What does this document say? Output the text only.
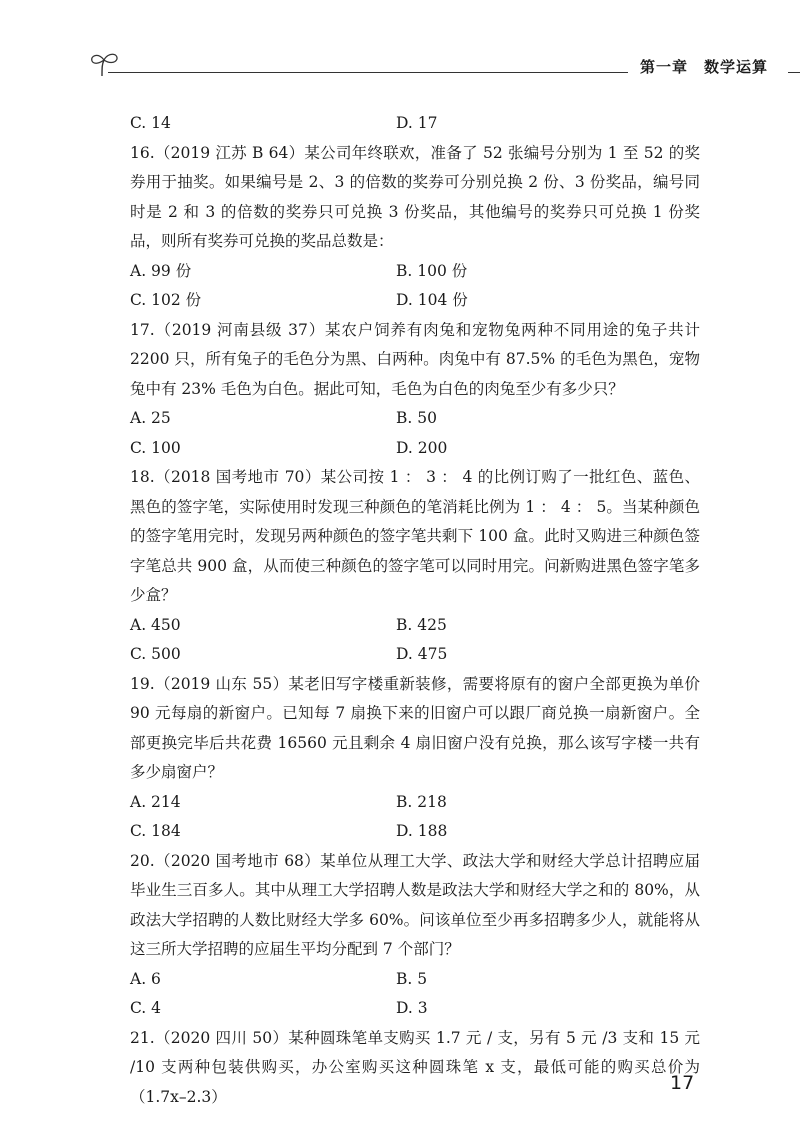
第一章　数学运算
C. 14	D. 17

16.（2019 江苏 B 64）某公司年终联欢，准备了 52 张编号分别为 1 至 52 的奖券用于抽奖。如果编号是 2、3 的倍数的奖券可分别兑换 2 份、3 份奖品，编号同时是 2 和 3 的倍数的奖券只可兑换 3 份奖品，其他编号的奖券只可兑换 1 份奖品，则所有奖券可兑换的奖品总数是：

A. 99 份	B. 100 份
C. 102 份	D. 104 份

17.（2019 河南县级 37）某农户饲养有肉兔和宠物兔两种不同用途的兔子共计 2200 只，所有兔子的毛色分为黑、白两种。肉兔中有 87.5% 的毛色为黑色，宠物兔中有 23% 毛色为白色。据此可知，毛色为白色的肉兔至少有多少只？

A. 25	B. 50
C. 100	D. 200

18.（2018 国考地市 70）某公司按 1 ： 3 ： 4 的比例订购了一批红色、蓝色、黑色的签字笔，实际使用时发现三种颜色的笔消耗比例为 1 ： 4 ： 5。当某种颜色的签字笔用完时，发现另两种颜色的签字笔共剩下 100 盒。此时又购进三种颜色签字笔总共 900 盒，从而使三种颜色的签字笔可以同时用完。问新购进黑色签字笔多少盒？

A. 450	B. 425
C. 500	D. 475

19.（2019 山东 55）某老旧写字楼重新装修，需要将原有的窗户全部更换为单价 90 元每扇的新窗户。已知每 7 扇换下来的旧窗户可以跟厂商兑换一扇新窗户。全部更换完毕后共花费 16560 元且剩余 4 扇旧窗户没有兑换，那么该写字楼一共有多少扇窗户？

A. 214	B. 218
C. 184	D. 188

20.（2020 国考地市 68）某单位从理工大学、政法大学和财经大学总计招聘应届毕业生三百多人。其中从理工大学招聘人数是政法大学和财经大学之和的 80%，从政法大学招聘的人数比财经大学多 60%。问该单位至少再多招聘多少人，就能将从这三所大学招聘的应届生平均分配到 7 个部门？

A. 6	B. 5
C. 4	D. 3

21.（2020 四川 50）某种圆珠笔单支购买 1.7 元 / 支，另有 5 元 /3 支和 15 元 /10 支两种包装供购买，办公室购买这种圆珠笔 x 支，最低可能的购买总价为（1.7x–2.3）

17
